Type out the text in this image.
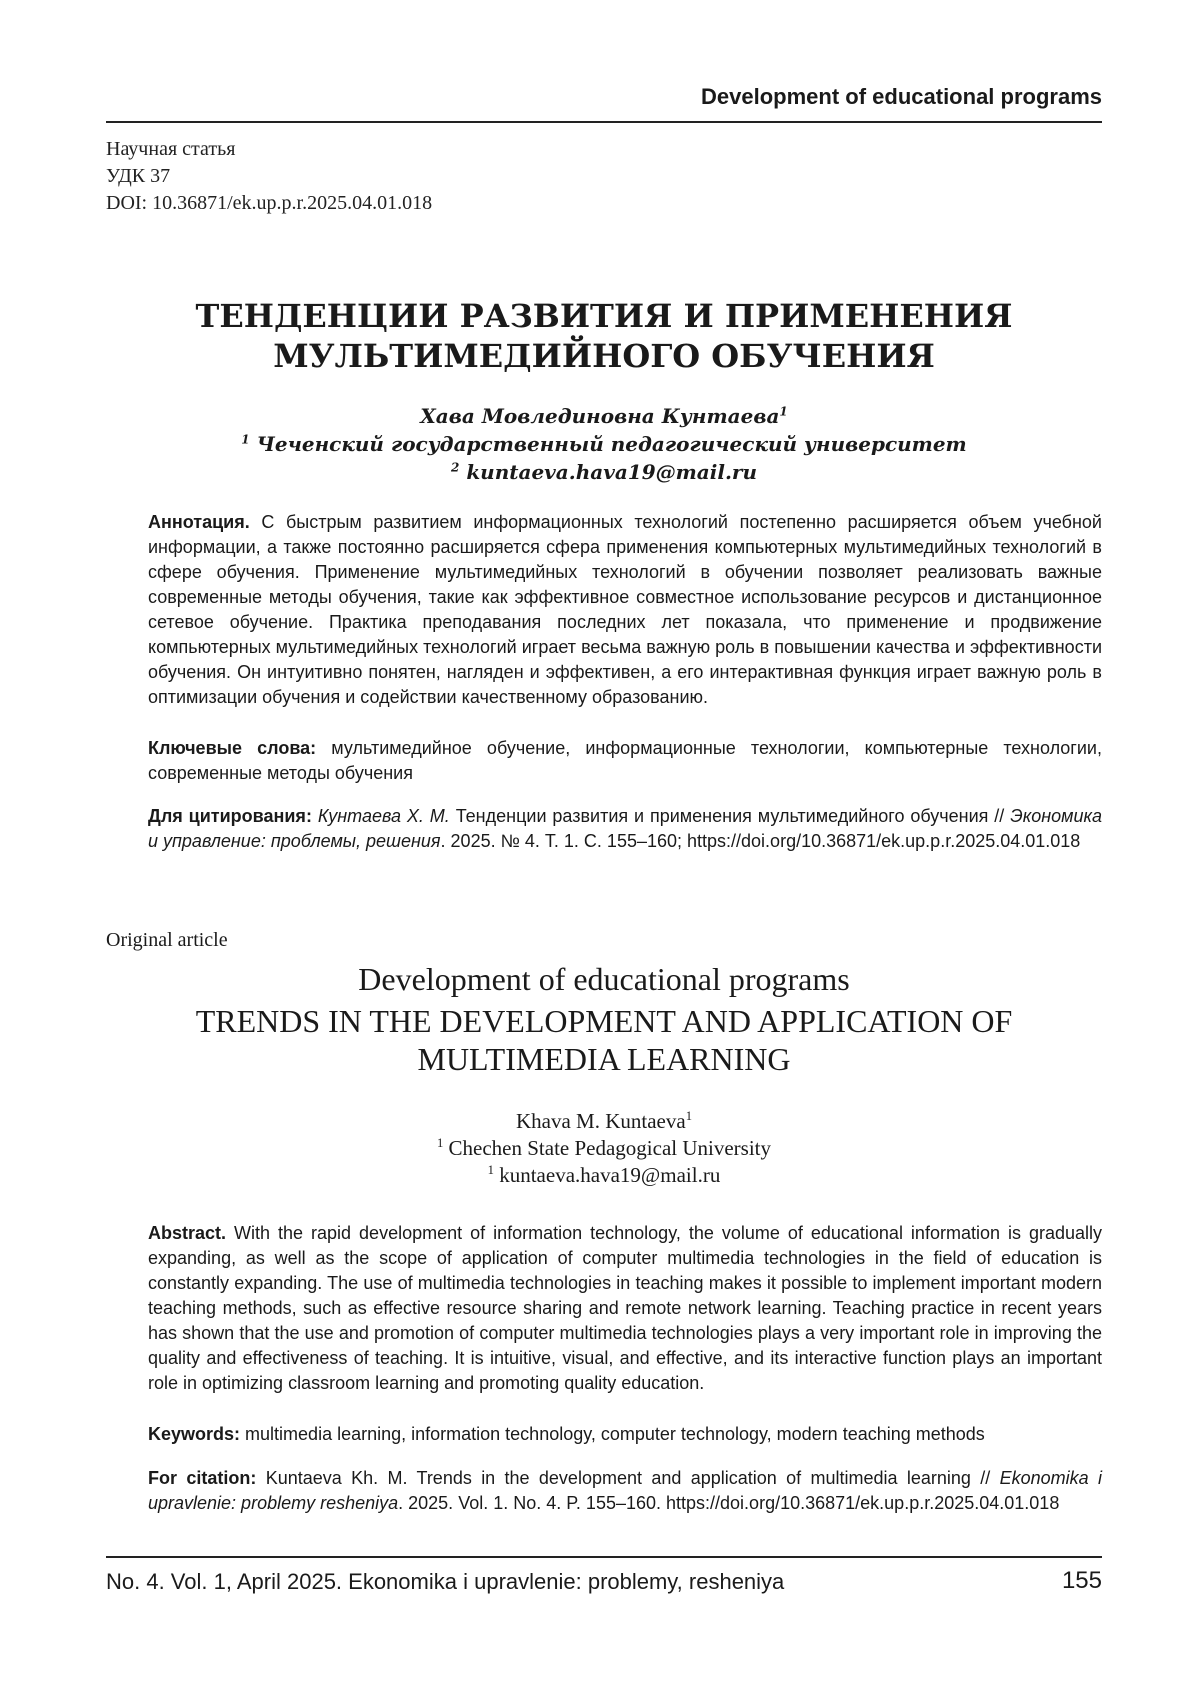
Development of educational programs
Научная статья
УДК 37
DOI: 10.36871/ek.up.p.r.2025.04.01.018
ТЕНДЕНЦИИ РАЗВИТИЯ И ПРИМЕНЕНИЯ
МУЛЬТИМЕДИЙНОГО ОБУЧЕНИЯ
Хава Мовлединовна Кунтаева1
1 Чеченский государственный педагогический университет
2 kuntaeva.hava19@mail.ru
Аннотация. С быстрым развитием информационных технологий постепенно расширяется объем учебной информации, а также постоянно расширяется сфера применения компьютерных мультимедийных технологий в сфере обучения. Применение мультимедийных технологий в обучении позволяет реализовать важные современные методы обучения, такие как эффективное совместное использование ресурсов и дистанционное сетевое обучение. Практика преподавания последних лет показала, что применение и продвижение компьютерных мультимедийных технологий играет весьма важную роль в повышении качества и эффективности обучения. Он интуитивно понятен, нагляден и эффективен, а его интерактивная функция играет важную роль в оптимизации обучения и содействии качественному образованию.
Ключевые слова: мультимедийное обучение, информационные технологии, компьютерные технологии, современные методы обучения
Для цитирования: Кунтаева Х. М. Тенденции развития и применения мультимедийного обучения // Экономика и управление: проблемы, решения. 2025. № 4. Т. 1. С. 155–160; https://doi.org/10.36871/ek.up.p.r.2025.04.01.018
Original article
Development of educational programs
TRENDS IN THE DEVELOPMENT AND APPLICATION OF
MULTIMEDIA LEARNING
Khava M. Kuntaeva1
1 Chechen State Pedagogical University
1 kuntaeva.hava19@mail.ru
Abstract. With the rapid development of information technology, the volume of educational information is gradually expanding, as well as the scope of application of computer multimedia technologies in the field of education is constantly expanding. The use of multimedia technologies in teaching makes it possible to implement important modern teaching methods, such as effective resource sharing and remote network learning. Teaching practice in recent years has shown that the use and promotion of computer multimedia technologies plays a very important role in improving the quality and effectiveness of teaching. It is intuitive, visual, and effective, and its interactive function plays an important role in optimizing classroom learning and promoting quality education.
Keywords: multimedia learning, information technology, computer technology, modern teaching methods
For citation: Kuntaeva Kh. M. Trends in the development and application of multimedia learning // Ekonomika i upravlenie: problemy resheniya. 2025. Vol. 1. No. 4. P. 155–160. https://doi.org/10.36871/ek.up.p.r.2025.04.01.018
No. 4. Vol. 1, April 2025. Ekonomika i upravlenie: problemy, resheniya	155
